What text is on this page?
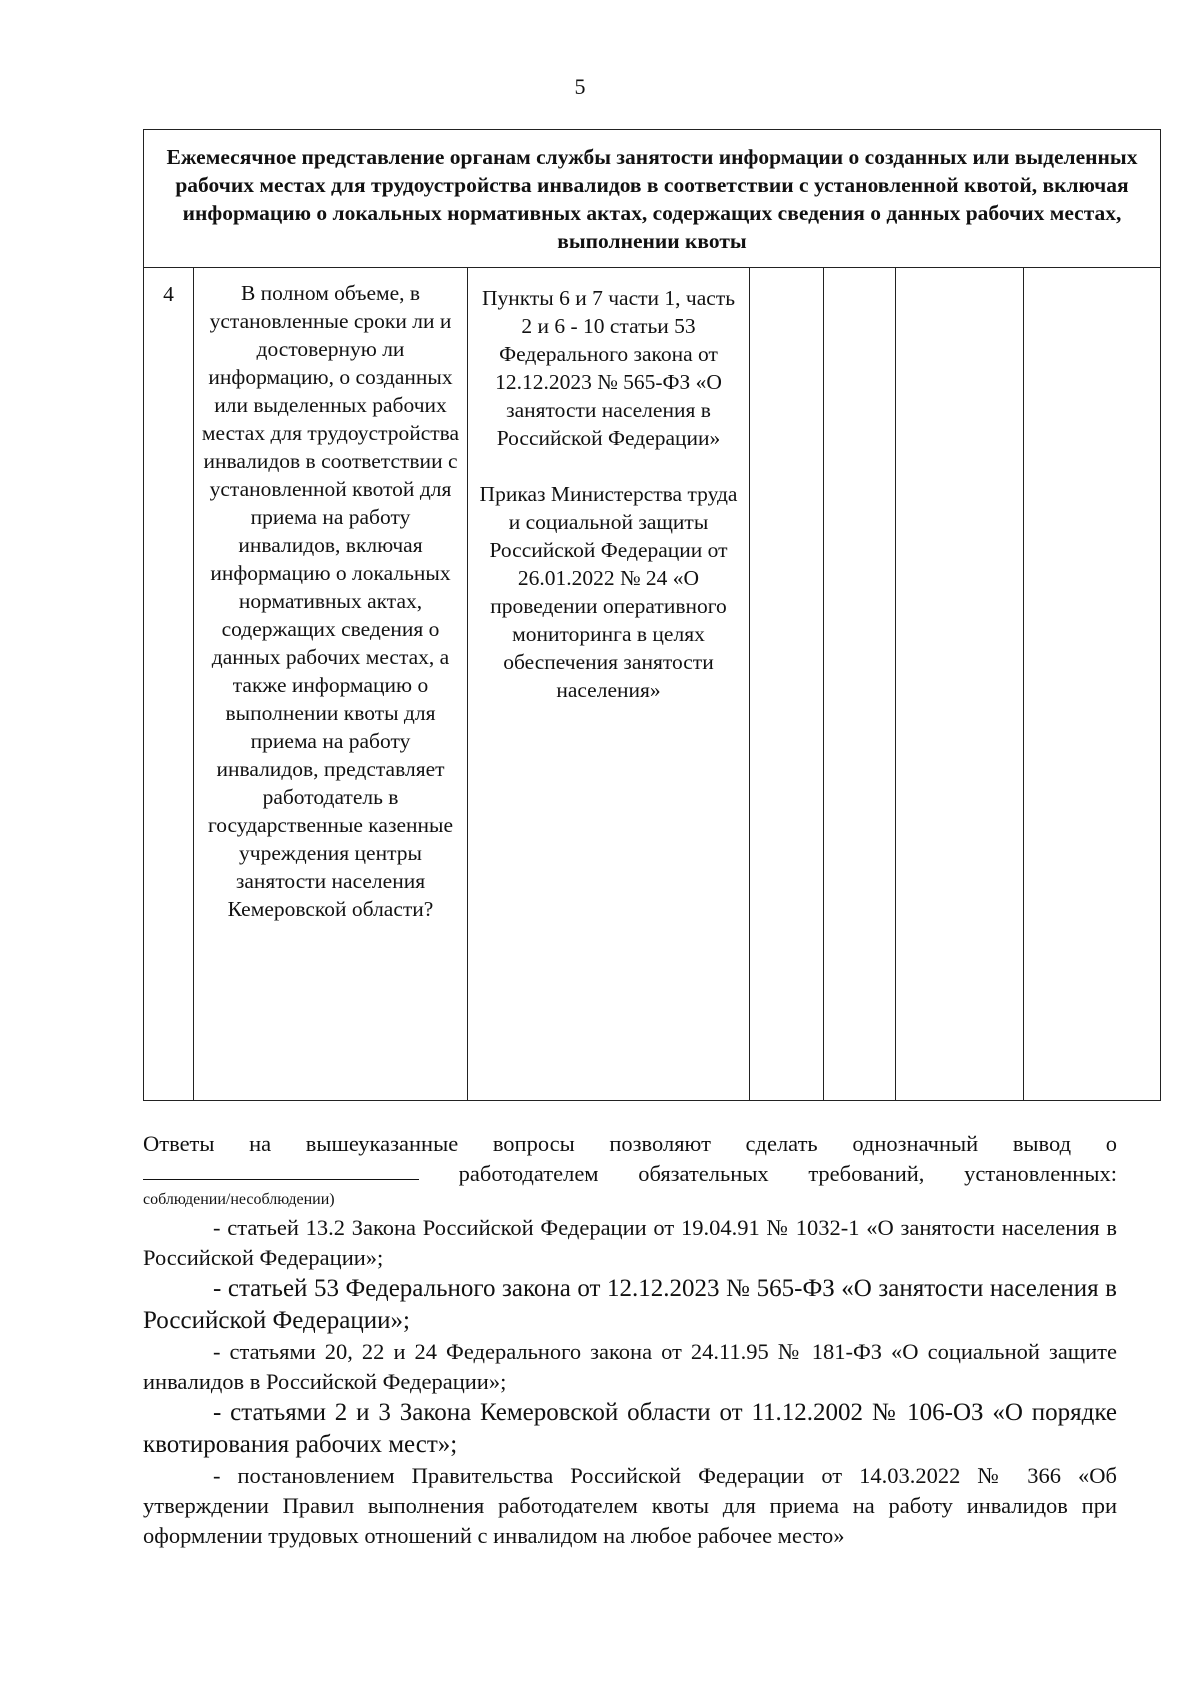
5
Ежемесячное представление органам службы занятости информации о созданных или выделенных рабочих местах для трудоустройства инвалидов в соответствии с установленной квотой, включая информацию о локальных нормативных актах, содержащих сведения о данных рабочих местах, выполнении квоты
4	В полном объеме, в установленные сроки ли и достоверную ли информацию, о созданных или выделенных рабочих местах для трудоустройства инвалидов в соответствии с установленной квотой для приема на работу инвалидов, включая информацию о локальных нормативных актах, содержащих сведения о данных рабочих местах, а также информацию о выполнении квоты для приема на работу инвалидов, представляет работодатель в государственные казенные учреждения центры занятости населения Кемеровской области?
Пункты 6 и 7 части 1, часть 2 и 6 - 10 статьи 53 Федерального закона от 12.12.2023 № 565-ФЗ «О занятости населения в Российской Федерации»
Приказ Министерства труда и социальной защиты Российской Федерации от 26.01.2022 № 24 «О проведении оперативного мониторинга в целях обеспечения занятости населения»
Ответы на вышеуказанные вопросы позволяют сделать однозначный вывод о
работодателем обязательных требований, установленных:
соблюдении/несоблюдении)

- статьей 13.2 Закона Российской Федерации от 19.04.91 № 1032-1 «О занятости населения в Российской Федерации»;

- статьей 53 Федерального закона от 12.12.2023 № 565-ФЗ «О занятости населения в Российской Федерации»;

- статьями 20, 22 и 24 Федерального закона от 24.11.95 № 181-ФЗ «О социальной защите инвалидов в Российской Федерации»;

- статьями 2 и 3 Закона Кемеровской области от 11.12.2002 № 106-ОЗ «О порядке квотирования рабочих мест»;

- постановлением Правительства Российской Федерации от 14.03.2022 № 366 «Об утверждении Правил выполнения работодателем квоты для приема на работу инвалидов при оформлении трудовых отношений с инвалидом на любое рабочее место»
